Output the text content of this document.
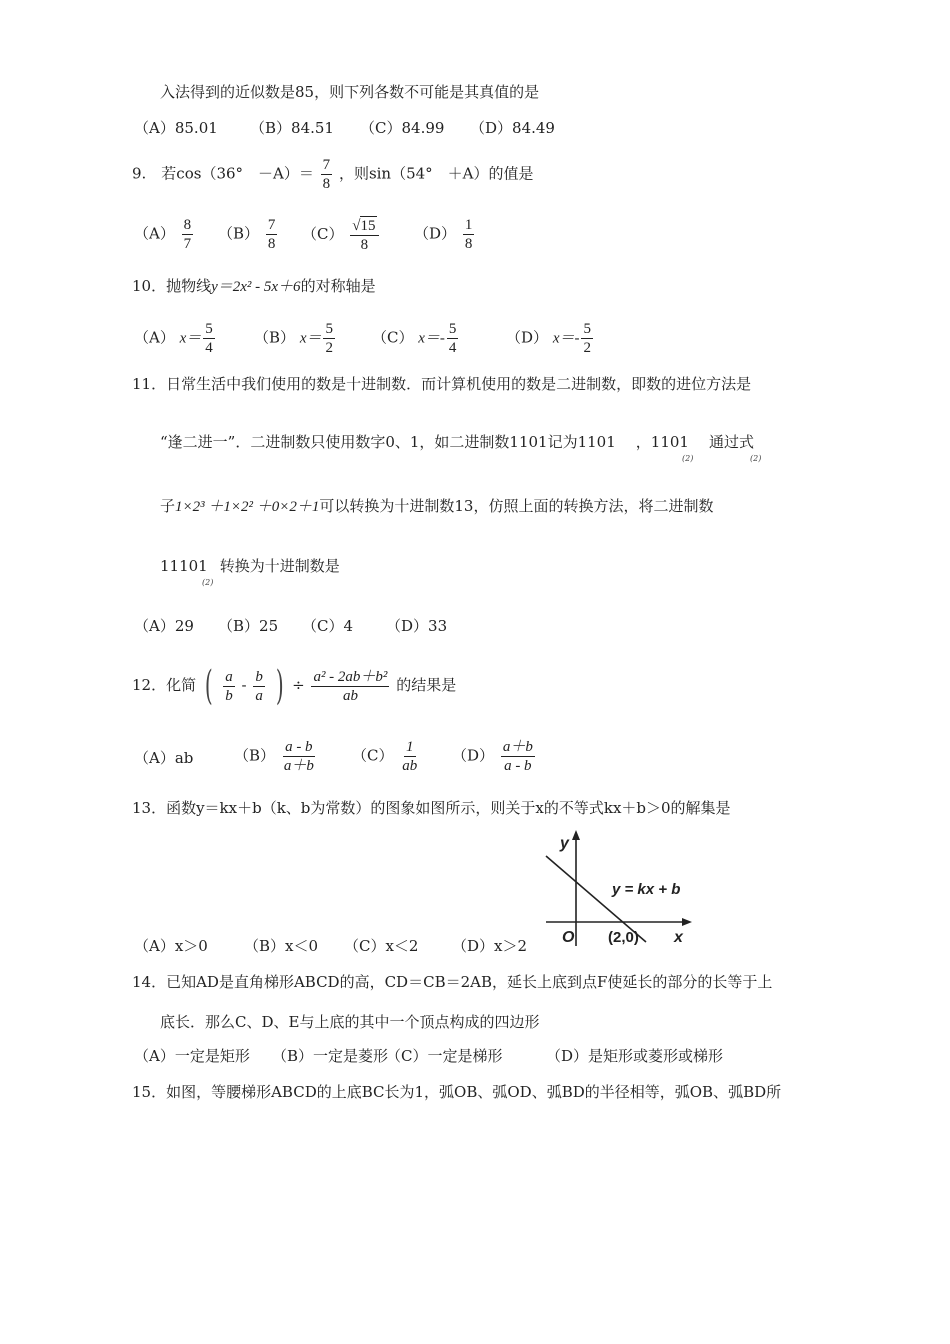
入法得到的近似数是85，则下列各数不可能是其真值的是
（A）85.01 （B）84.51 （C）84.99 （D）84.49
9.　若cos（36°　$-A)= \frac{7}{8}$ ，则sin（54°　＋A）的值是
$(A) \frac{8}{7} (B) \frac{7}{8} (C) \frac{√15}{8} (D) \frac{1}{8}$
10．抛物线y＝2x² - 5x＋6的对称轴是
（A） $x= \frac{5}{4}$	（B） $x= \frac{5}{2} (C)$ $x=- \frac{5}{4}$	（D） $x=- \frac{5}{2}$
11．日常生活中我们使用的数是十进制数．而计算机使用的数是二进制数，即数的进位方法是
“逢二进一”．二进制数只使用数字0、1，如二进制数1101记为1101 ，1101 通过式
(2)	(2)
子1×2³ ＋1×2² ＋0×2＋1可以转换为十进制数13，仿照上面的转换方法，将二进制数
11101 转换为十进制数是
(2)
（A）29 （B）25 （C）4 （D）33
12．化简 ( $\frac{a}{b} - \frac{b}{a}$ ) ÷ $\frac{\text{a² - 2ab＋b²}}{ab}$ 的结果是
（A）ab	$(B) \frac{a - b}{a+b} (C) \frac{1}{ab} (D) \frac{a+b}{a - b}$
13．函数y＝kx＋b（k、b为常数）的图象如图所示，则关于x的不等式kx＋b＞0的解集是
y
x
O (2,0)
y = kx + b
（A）x＞0 （B）x＜0 （C）x＜2 （D）x＞2
14．已知AD是直角梯形ABCD的高，CD＝CB＝2AB，延长上底到点F使延长的部分的长等于上
底长．那么C、D、E与上底的其中一个顶点构成的四边形
（A）一定是矩形 （B）一定是菱形
（C）一定是梯形	（D）是矩形或菱形或梯形
15．如图，等腰梯形ABCD的上底BC长为1，弧OB、弧OD、弧BD的半径相等，弧OB、弧BD所
